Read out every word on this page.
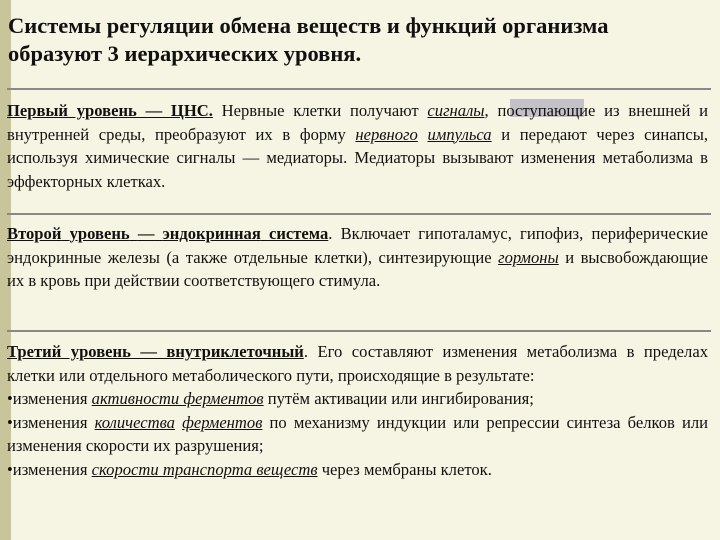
Системы регуляции обмена веществ и функций организма
образуют 3 иерархических уровня.
Первый уровень — ЦНС. Нервные клетки получают сигналы, поступающие из внешней и внутренней среды, преобразуют их в форму нервного импульса и передают через синапсы, используя химические сигналы — медиаторы. Медиаторы вызывают изменения метаболизма в эффекторных клетках.
Второй уровень — эндокринная система. Включает гипоталамус, гипофиз, периферические эндокринные железы (а также отдельные клетки), синтезирующие гормоны и высвобождающие их в кровь при действии соответствующего стимула.
Третий уровень — внутриклеточный. Его составляют изменения метаболизма в пределах клетки или отдельного метаболического пути, происходящие в результате:
•изменения активности ферментов путём активации или ингибирования;
•изменения количества ферментов по механизму индукции или репрессии синтеза белков или изменения скорости их разрушения;
•изменения скорости транспорта веществ через мембраны клеток.
